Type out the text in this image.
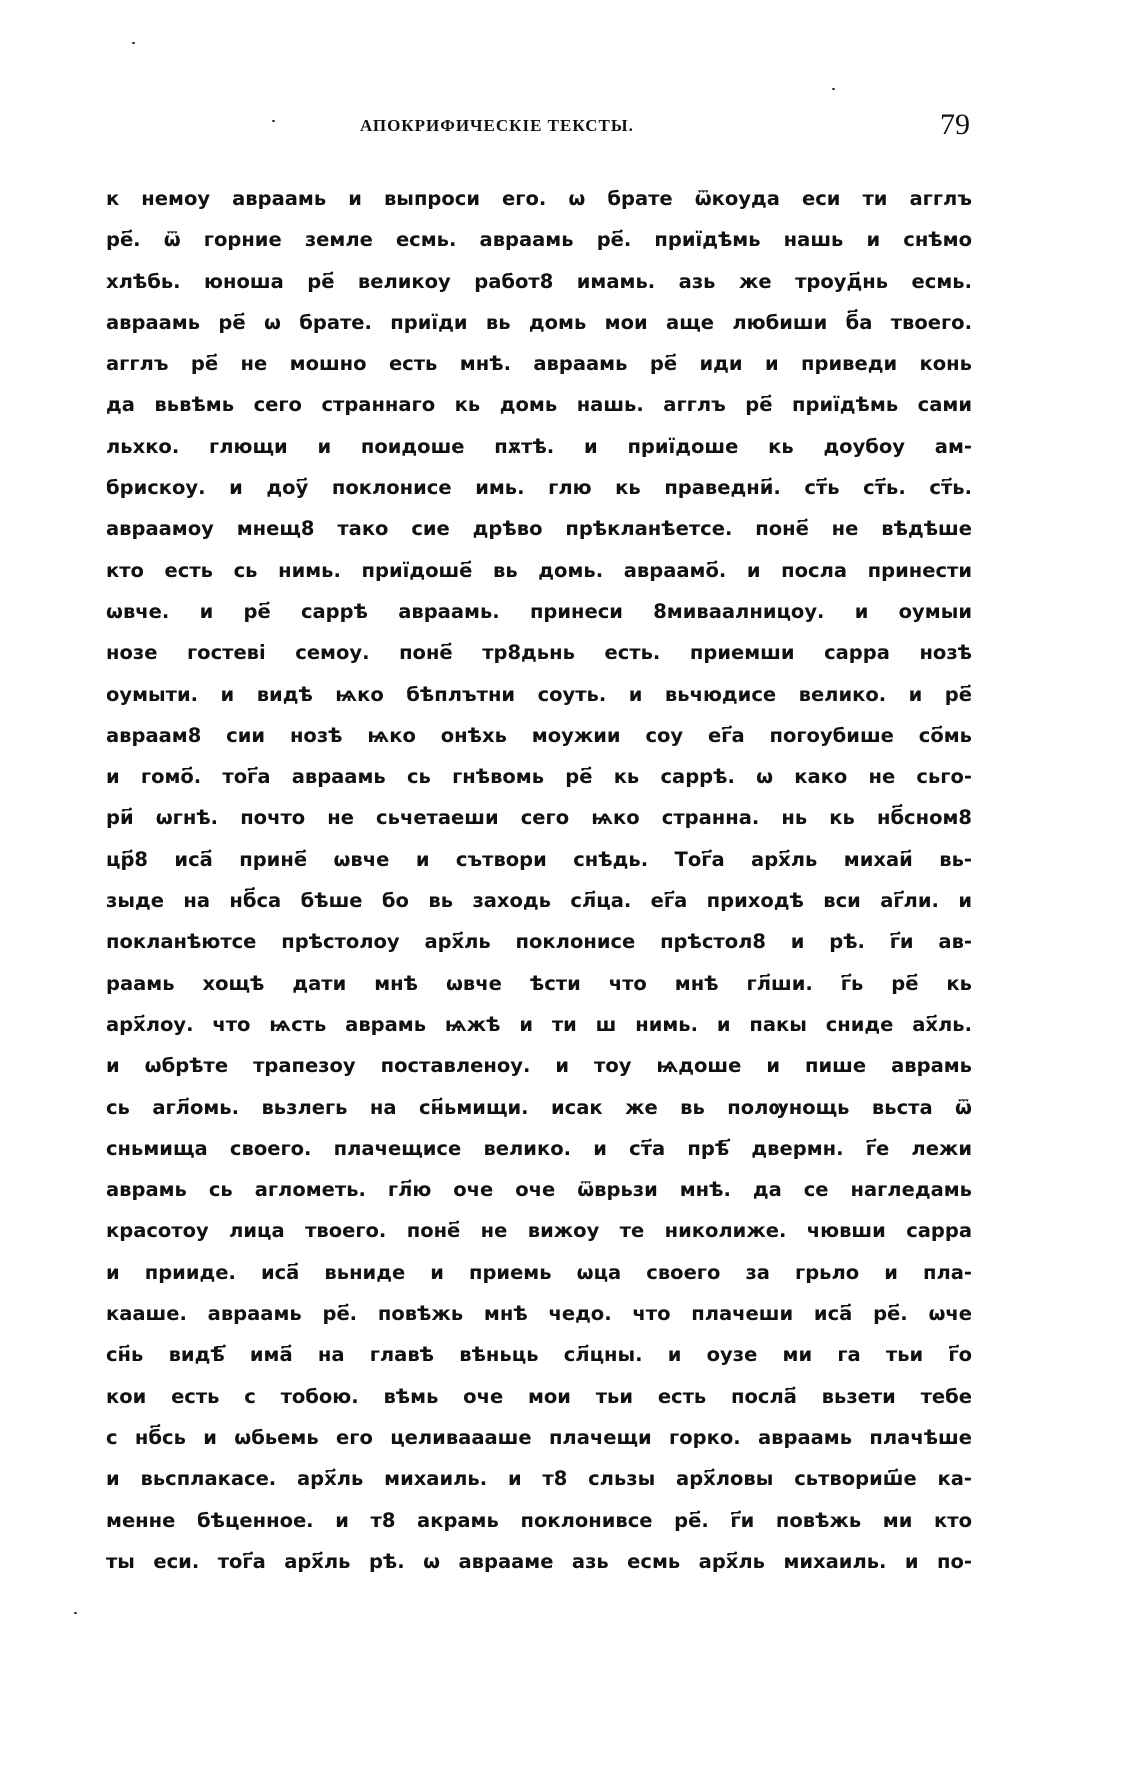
АПОКРИФИЧЕСКІЕ ТЕКСТЫ.	79
к немоу авраамь и выпроси его. ѡ брате ѿкоуда еси ти агглъ
ре҃. ѿ горние земле есмь. авраамь ре҃. приїдѣмь нашь и снѣмо
хлѣбь. юноша ре҃ великоу работ8 имамь. азь же троуд҃нь есмь.
авраамь ре҃ ѡ брате. приїди вь домь мои аще любиши б҃а твоего.
агглъ ре҃ не мошно есть мнѣ. авраамь ре҃ иди и приведи конь
да вьвѣмь сего страннаго кь домь нашь. агглъ ре҃ приїдѣмь сами
льхко. глющи и поидоше пѫтѣ. и приїдоше кь доубоу ам-
брискоу. и доу҃ поклонисе имь. глю кь праведни҃. ст҃ь ст҃ь. ст҃ь.
авраамоу мнещ8 тако сие дрѣво прѣкланѣетсе. поне҃ не вѣдѣше
кто есть сь нимь. приїдоше҃ вь домь. авраамо҃. и посла принести
ѡвче. и ре҃ саррѣ авраамь. принеси 8миваалницоу. и оумыи
нозе гостеві семоу. поне҃ тр8дьнь есть. приемши сарра нозѣ
оумыти. и видѣ ѩко бѣплътни соуть. и вьчюдисе велико. и ре҃
авраам8 сии нозѣ ѩко онѣхь моужии соу ег҃а погоубише со҃мь
и гомо҃. тог҃а авраамь сь гнѣвомь ре҃ кь саррѣ. ѡ како не сьго-
ри҃ ѡгнѣ. почто не сьчетаеши сего ѩко странна. нь кь нб҃сном8
цр҃8 иса҃ прине҃ ѡвче и сътвори снѣдь. Тог҃а арх҃ль михаи҃ вь-
зыде на нб҃са бѣше бо вь заходь сл҃ца. ег҃а приходѣ вси аг҃ли. и
покланѣютсе прѣстолоу арх҃ль поклонисе прѣстол8 и рѣ. г҃и ав-
раамь хощѣ дати мнѣ ѡвче ѣсти что мнѣ гл҃ши. г҃ь ре҃ кь
арх҃лоу. что ѩсть аврамь ѩжѣ и ти ш нимь. и пакы сниде ах҃ль.
и ѡбрѣте трапезоу поставленоу. и тоу ѩдоше и пише аврамь
сь агл҃омь. вьзлегь на сн҃ьмищи. исак же вь полѹнощь вьста ѿ
сньмища своего. плачещисе велико. и ст҃а прѣ҃ двермн. г҃е лежи
аврамь сь аглометь. гл҃ю оче оче ѿврьзи мнѣ. да се нагледамь
красотоу лица твоего. поне҃ не вижоу те николиже. чювши сарра
и прииде. иса҃ вьниде и приемь ѡца своего за грьло и пла-
кааше. авраамь ре҃. повѣжь мнѣ чедо. что плачеши иса҃ ре҃. ѡче
сн҃ь видѣ҃ има҃ на главѣ вѣньць сл҃цны. и оузе ми га тьи г҃о
кои есть с тобою. вѣмь оче мои тьи есть посла҃ вьзети тебе
с нб҃сь и ѡбьемь его целиваааше плачещи горко. авраамь плачѣше
и вьсплакасе. арх҃ль михаиль. и т8 сльзы арх҃ловы сьтвориш҃е ка-
менне бѣценное. и т8 акрамь поклонивсе ре҃. г҃и повѣжь ми кто
ты еси. тог҃а арх҃ль рѣ. ѡ аврааме азь есмь арх҃ль михаиль. и по-
